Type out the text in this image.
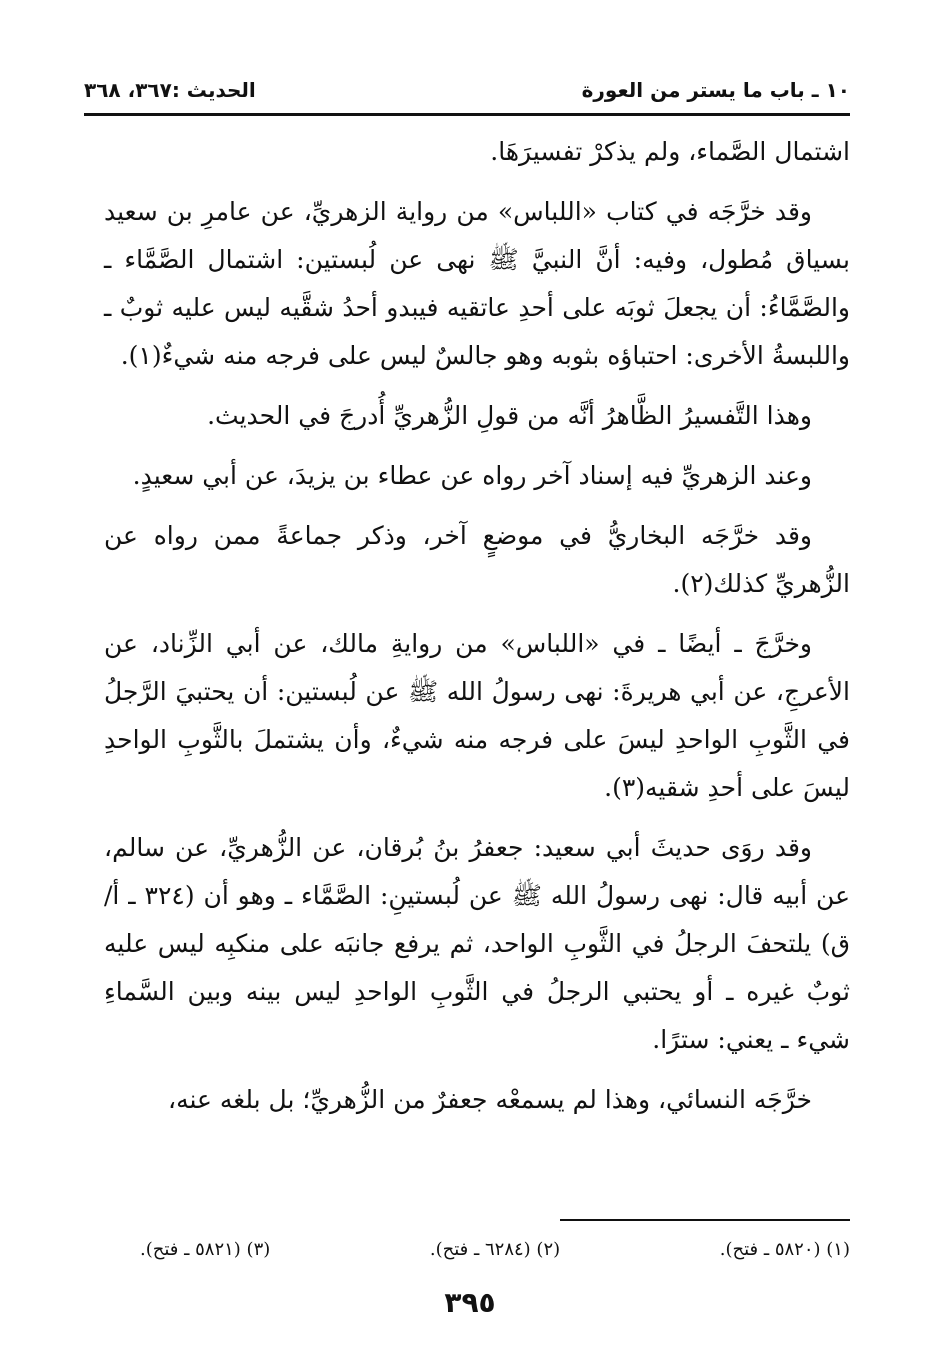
١٠ ـ باب ما يستر من العورة
الحديث :٣٦٧، ٣٦٨

اشتمال الصَّماء، ولم يذكرْ تفسيرَهَا.

وقد خرَّجَه في كتاب «اللباس» من رواية الزهريِّ، عن عامرِ بن سعيد بسياق مُطول، وفيه: أنَّ النبيَّ ﷺ نهى عن لُبستين: اشتمال الصَّمَّاء ـ والصَّمَّاءُ: أن يجعلَ ثوبَه على أحدِ عاتقيه فيبدو أحدُ شقَّيه ليس عليه ثوبٌ ـ واللبسةُ الأخرى: احتباؤه بثوبه وهو جالسٌ ليس على فرجه منه شيءٌ(١).

وهذا التَّفسيرُ الظَّاهرُ أنَّه من قولِ الزُّهريِّ أُدرجَ في الحديث.

وعند الزهريِّ فيه إسناد آخر رواه عن عطاء بن يزيدَ، عن أبي سعيدٍ.

وقد خرَّجَه البخاريُّ في موضعٍ آخر، وذكر جماعةً ممن رواه عن الزُّهريِّ كذلك(٢).

وخرَّجَ ـ أيضًا ـ في «اللباس» من روايةِ مالك، عن أبي الزِّناد، عن الأعرجِ، عن أبي هريرةَ: نهى رسولُ الله ﷺ عن لُبستين: أن يحتبيَ الرَّجلُ في الثَّوبِ الواحدِ ليسَ على فرجه منه شيءٌ، وأن يشتملَ بالثَّوبِ الواحدِ ليسَ على أحدِ شقيه(٣).

وقد روَى حديثَ أبي سعيد: جعفرُ بنُ بُرقان، عن الزُّهريِّ، عن سالم، عن أبيه قال: نهى رسولُ الله ﷺ عن لُبستينِ: الصَّمَّاء ـ وهو أن (٣٢٤ ـ أ/ ق) يلتحفَ الرجلُ في الثَّوبِ الواحد، ثم يرفع جانبَه على منكبِه ليس عليه ثوبٌ غيره ـ أو يحتبي الرجلُ في الثَّوبِ الواحدِ ليس بينه وبين السَّماءِ شيء ـ يعني: سترًا.

خرَّجَه النسائي، وهذا لم يسمعْه جعفرٌ من الزُّهريِّ؛ بل بلغه عنه،

(١) (٥٨٢٠ ـ فتح).
(٢) (٦٢٨٤ ـ فتح).
(٣) (٥٨٢١ ـ فتح).
٣٩٥
